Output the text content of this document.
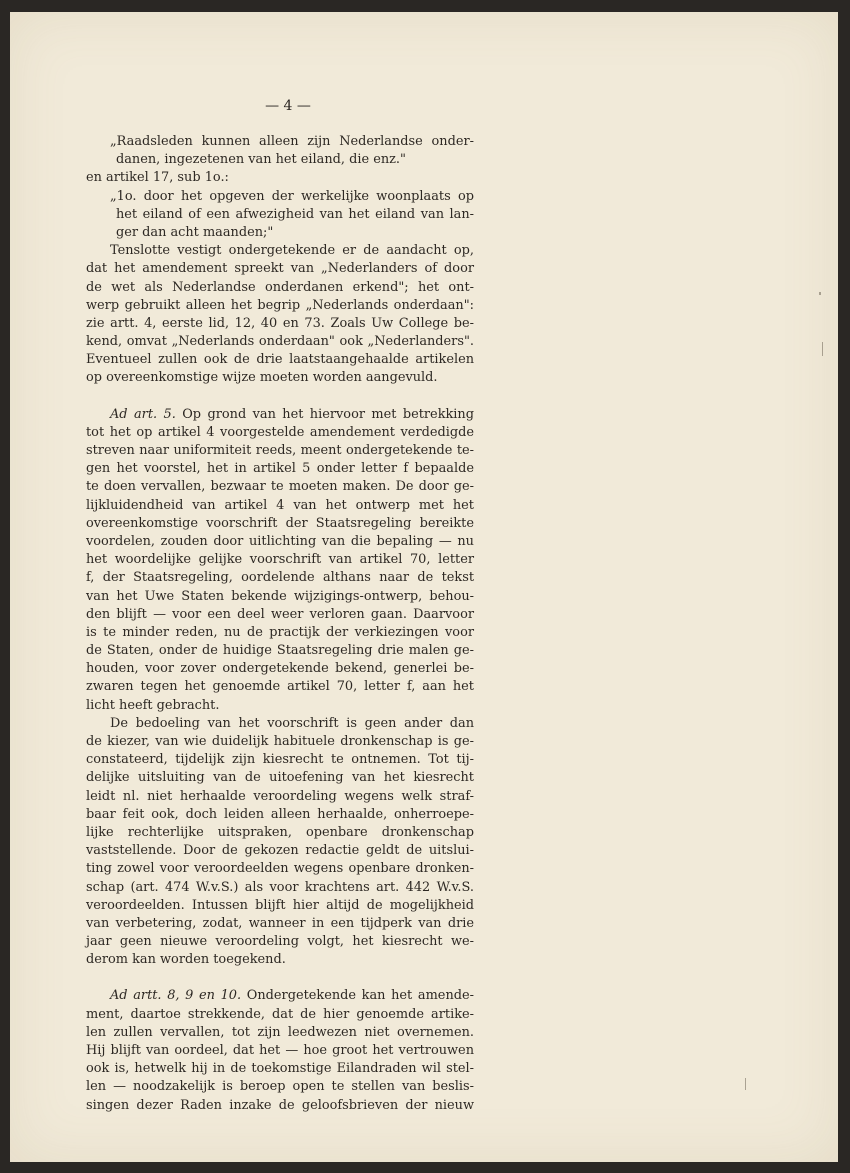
— 4 —
„Raadsleden kunnen alleen zijn Nederlandse onder-
danen, ingezetenen van het eiland, die enz."
en artikel 17, sub 1o.:
„1o. door het opgeven der werkelijke woonplaats op
het eiland of een afwezigheid van het eiland van lan-
ger dan acht maanden;"
Tenslotte vestigt ondergetekende er de aandacht op,
dat het amendement spreekt van „Nederlanders of door
de wet als Nederlandse onderdanen erkend"; het ont-
werp gebruikt alleen het begrip „Nederlands onderdaan":
zie artt. 4, eerste lid, 12, 40 en 73. Zoals Uw College be-
kend, omvat „Nederlands onderdaan" ook „Nederlanders".
Eventueel zullen ook de drie laatstaangehaalde artikelen
op overeenkomstige wijze moeten worden aangevuld.
Ad art. 5. Op grond van het hiervoor met betrekking
tot het op artikel 4 voorgestelde amendement verdedigde
streven naar uniformiteit reeds, meent ondergetekende te-
gen het voorstel, het in artikel 5 onder letter f bepaalde
te doen vervallen, bezwaar te moeten maken. De door ge-
lijkluidendheid van artikel 4 van het ontwerp met het
overeenkomstige voorschrift der Staatsregeling bereikte
voordelen, zouden door uitlichting van die bepaling — nu
het woordelijke gelijke voorschrift van artikel 70, letter
f, der Staatsregeling, oordelende althans naar de tekst
van het Uwe Staten bekende wijzigings-ontwerp, behou-
den blijft — voor een deel weer verloren gaan. Daarvoor
is te minder reden, nu de practijk der verkiezingen voor
de Staten, onder de huidige Staatsregeling drie malen ge-
houden, voor zover ondergetekende bekend, generlei be-
zwaren tegen het genoemde artikel 70, letter f, aan het
licht heeft gebracht.
De bedoeling van het voorschrift is geen ander dan
de kiezer, van wie duidelijk habituele dronkenschap is ge-
constateerd, tijdelijk zijn kiesrecht te ontnemen. Tot tij-
delijke uitsluiting van de uitoefening van het kiesrecht
leidt nl. niet herhaalde veroordeling wegens welk straf-
baar feit ook, doch leiden alleen herhaalde, onherroepe-
lijke rechterlijke uitspraken, openbare dronkenschap
vaststellende. Door de gekozen redactie geldt de uitslui-
ting zowel voor veroordeelden wegens openbare dronken-
schap (art. 474 W.v.S.) als voor krachtens art. 442 W.v.S.
veroordeelden. Intussen blijft hier altijd de mogelijkheid
van verbetering, zodat, wanneer in een tijdperk van drie
jaar geen nieuwe veroordeling volgt, het kiesrecht we-
derom kan worden toegekend.
Ad artt. 8, 9 en 10. Ondergetekende kan het amende-
ment, daartoe strekkende, dat de hier genoemde artike-
len zullen vervallen, tot zijn leedwezen niet overnemen.
Hij blijft van oordeel, dat het — hoe groot het vertrouwen
ook is, hetwelk hij in de toekomstige Eilandraden wil stel-
len — noodzakelijk is beroep open te stellen van beslis-
singen dezer Raden inzake de geloofsbrieven der nieuw
